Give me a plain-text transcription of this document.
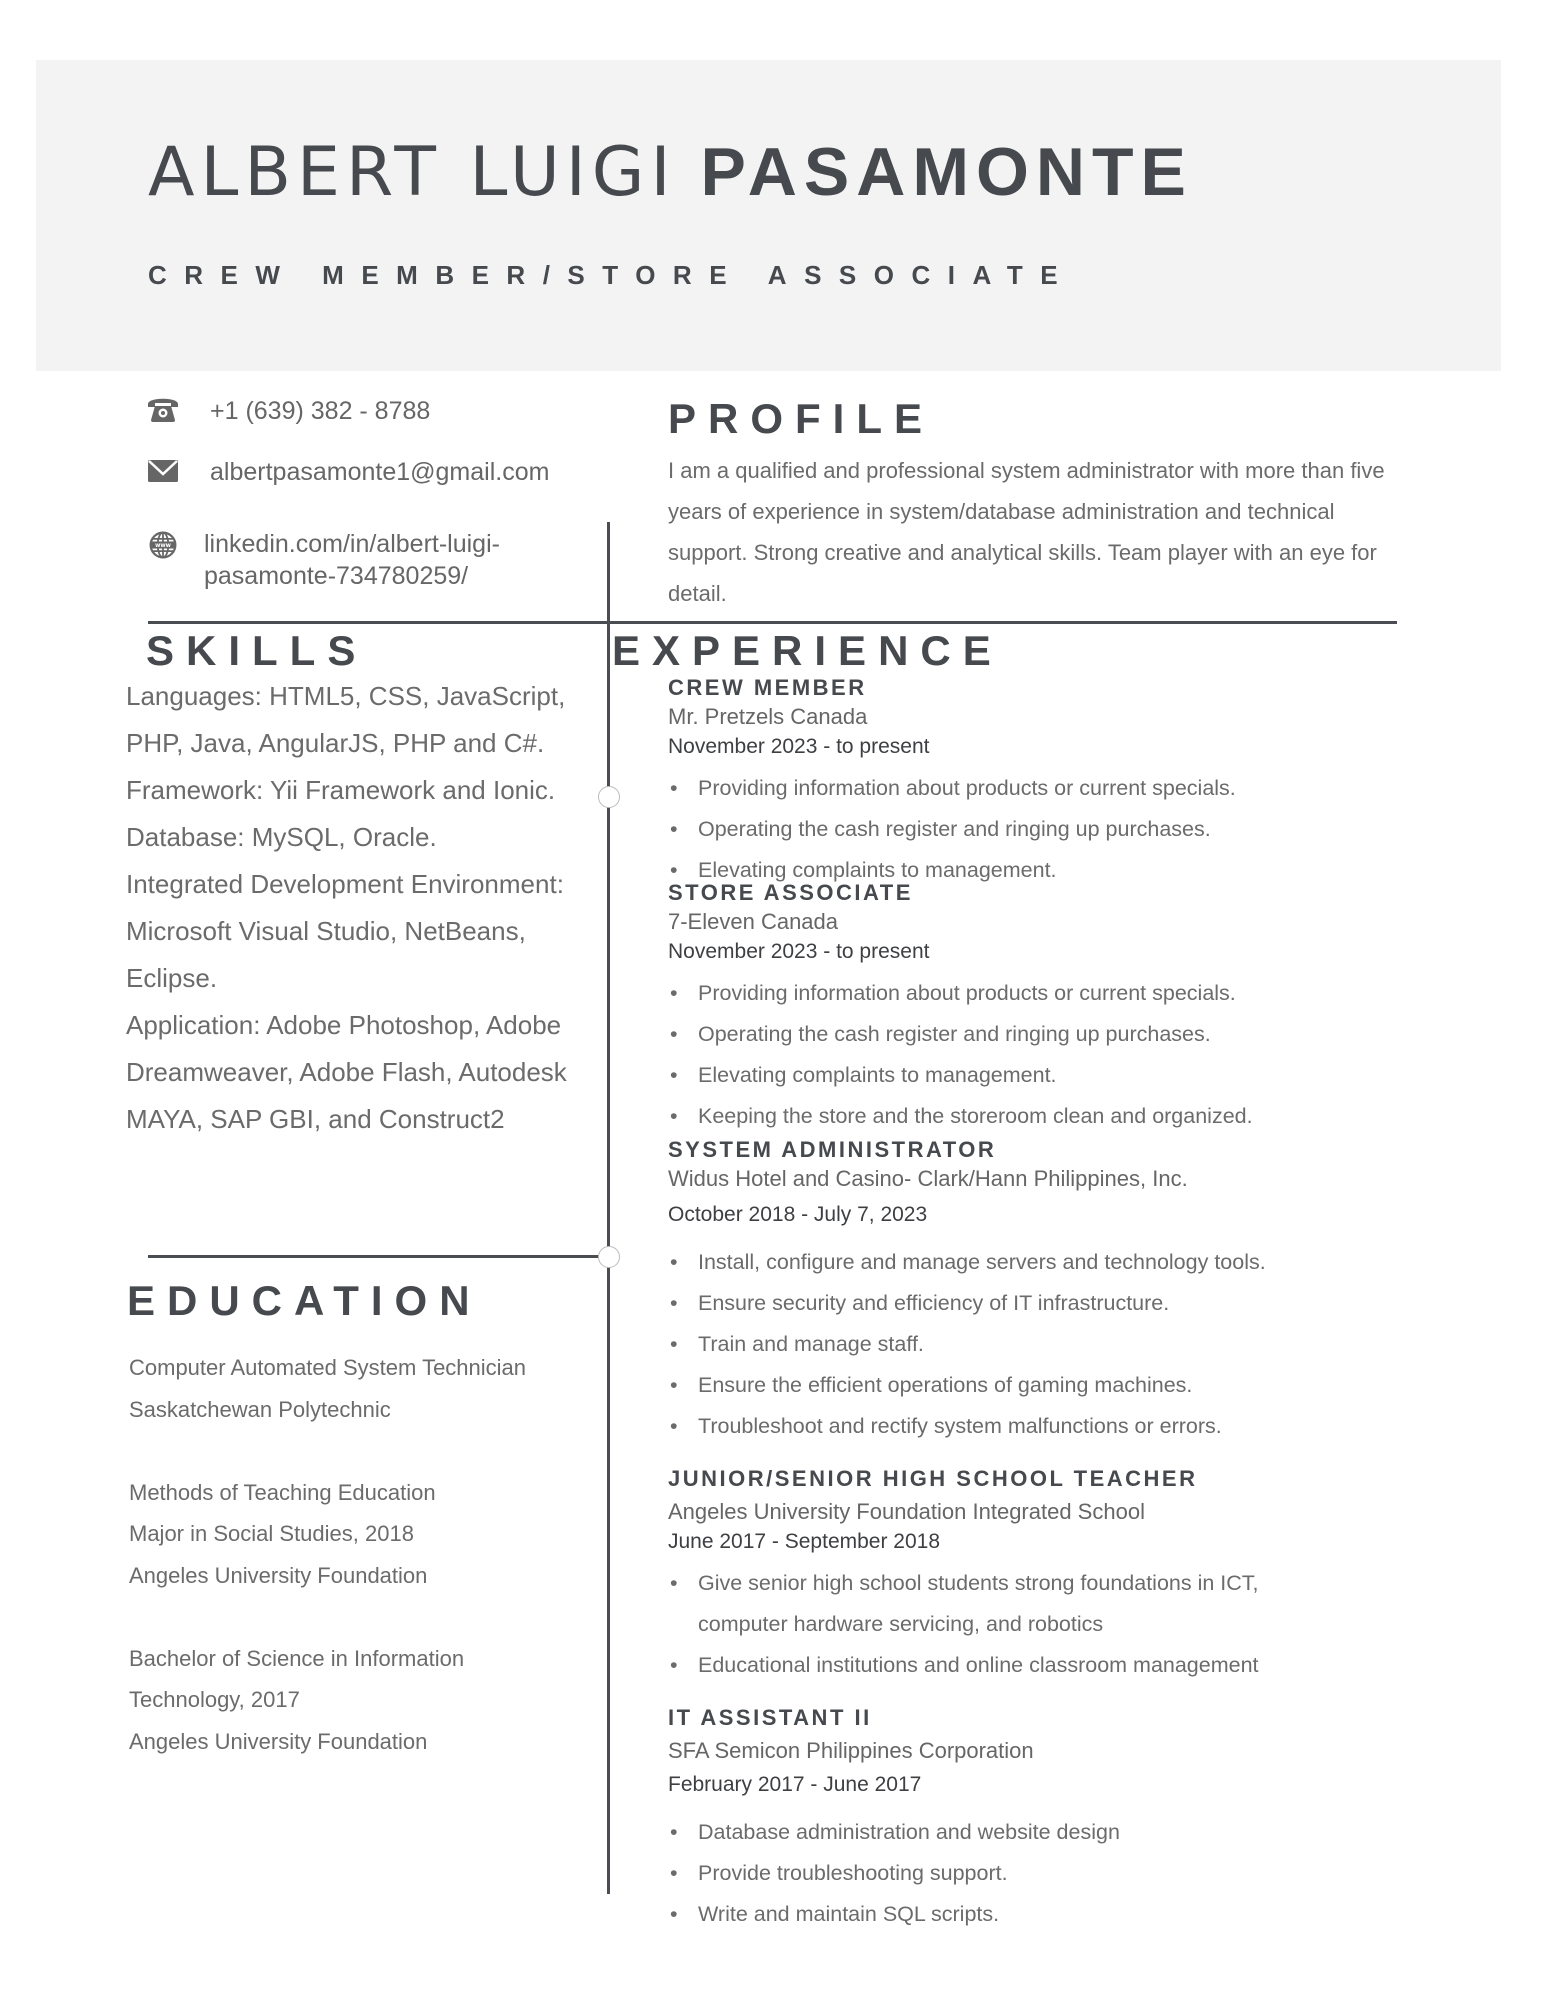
ALBERT LUIGI PASAMONTE
CREW MEMBER/STORE ASSOCIATE
+1 (639) 382 - 8788
albertpasamonte1@gmail.com
www linkedin.com/in/albert-luigi-pasamonte-734780259/
PROFILE
I am a qualified and professional system administrator with more than five years of experience in system/database administration and technical support. Strong creative and analytical skills. Team player with an eye for detail.
SKILLS
Languages: HTML5, CSS, JavaScript, PHP, Java, AngularJS, PHP and C#.
Framework: Yii Framework and Ionic.
Database: MySQL, Oracle.
Integrated Development Environment: Microsoft Visual Studio, NetBeans, Eclipse.
Application: Adobe Photoshop, Adobe Dreamweaver, Adobe Flash, Autodesk MAYA, SAP GBI, and Construct2
EDUCATION
Computer Automated System Technician
Saskatchewan Polytechnic
Methods of Teaching Education
Major in Social Studies, 2018
Angeles University Foundation
Bachelor of Science in Information Technology, 2017
Angeles University Foundation
EXPERIENCE
CREW MEMBER
Mr. Pretzels Canada
November 2023 - to present
• Providing information about products or current specials.
• Operating the cash register and ringing up purchases.
• Elevating complaints to management.
STORE ASSOCIATE
7-Eleven Canada
November 2023 - to present
• Providing information about products or current specials.
• Operating the cash register and ringing up purchases.
• Elevating complaints to management.
• Keeping the store and the storeroom clean and organized.
SYSTEM ADMINISTRATOR
Widus Hotel and Casino- Clark/Hann Philippines, Inc.
October 2018 - July 7, 2023
• Install, configure and manage servers and technology tools.
• Ensure security and efficiency of IT infrastructure.
• Train and manage staff.
• Ensure the efficient operations of gaming machines.
• Troubleshoot and rectify system malfunctions or errors.
JUNIOR/SENIOR HIGH SCHOOL TEACHER
Angeles University Foundation Integrated School
June 2017 - September 2018
• Give senior high school students strong foundations in ICT, computer hardware servicing, and robotics
• Educational institutions and online classroom management
IT ASSISTANT II
SFA Semicon Philippines Corporation
February 2017 - June 2017
• Database administration and website design
• Provide troubleshooting support.
• Write and maintain SQL scripts.
